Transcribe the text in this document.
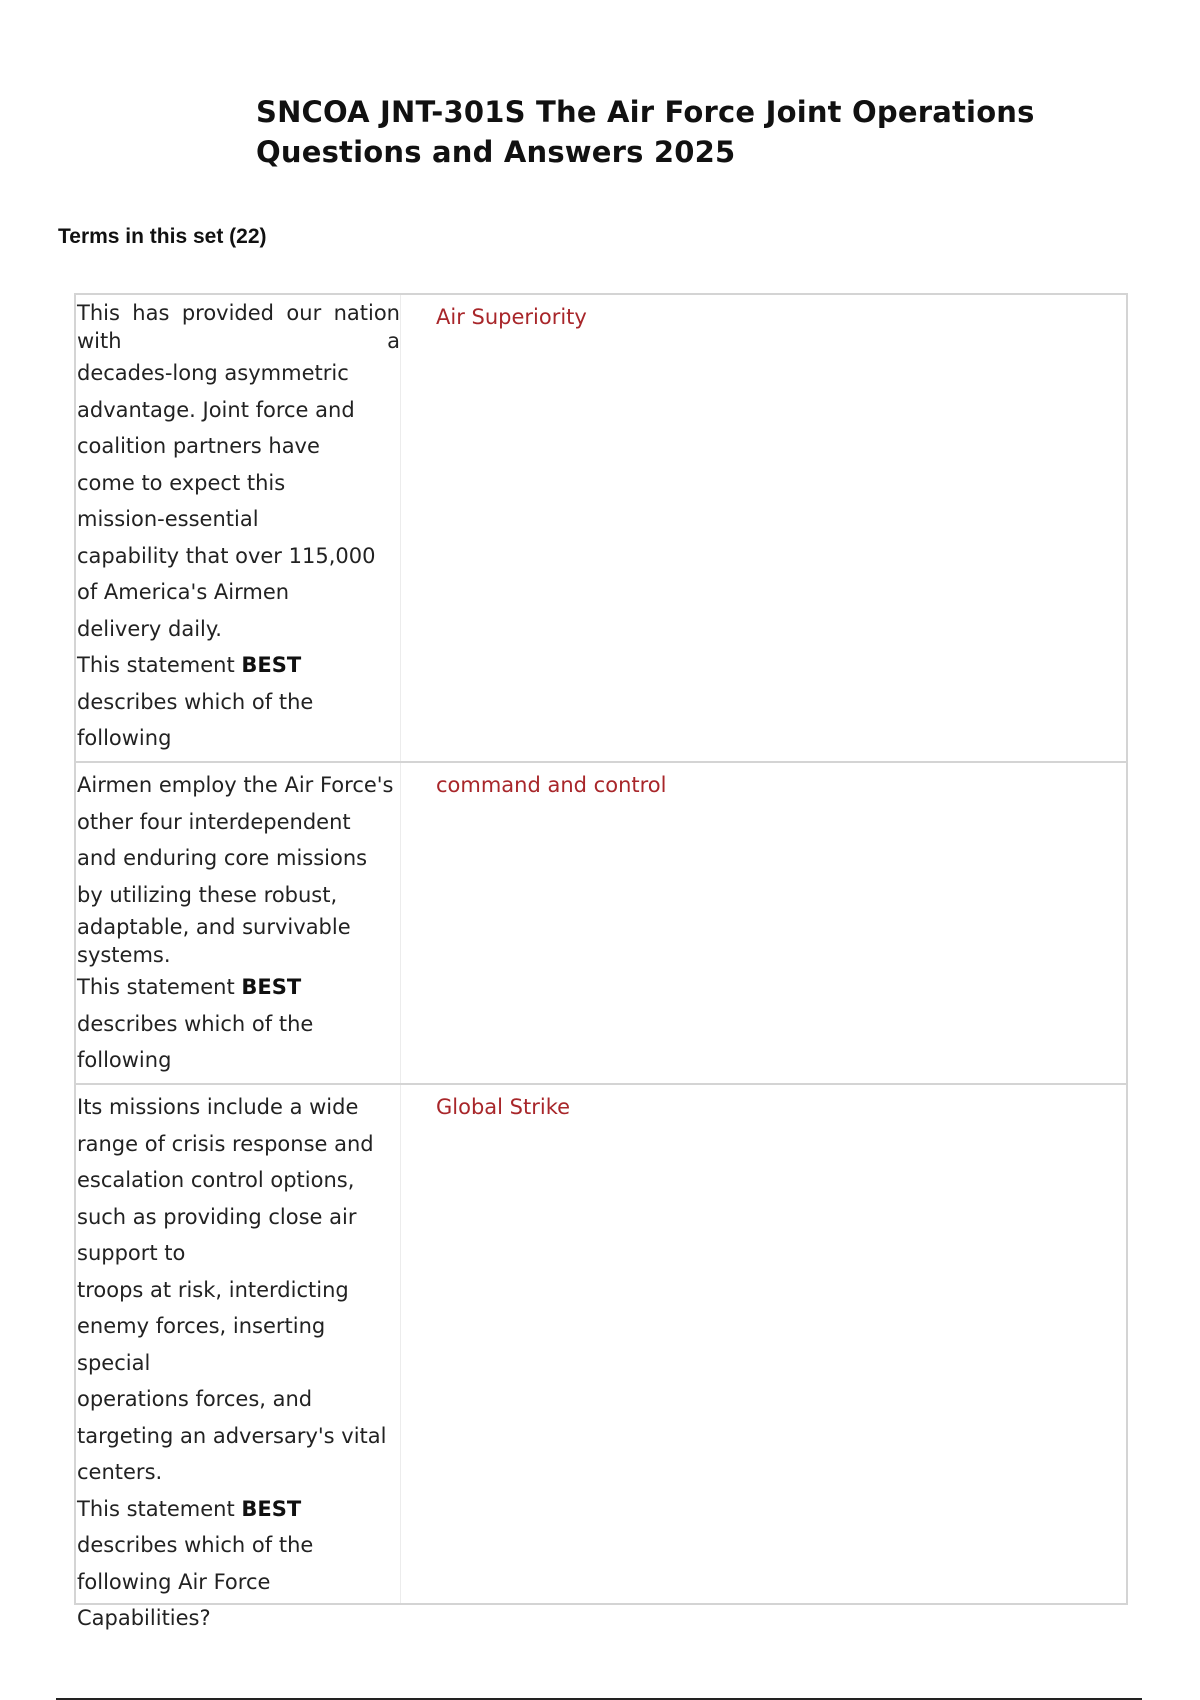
SNCOA JNT-301S The Air Force Joint Operations Questions and Answers 2025
Terms in this set (22)

This has provided our nation with a

decades-long asymmetric

advantage. Joint force and

coalition partners have

come to expect this

mission-essential

capability that over 115,000

of America's Airmen

delivery daily.

This statement BEST

describes which of the

following

Air Superiority

Airmen employ the Air Force's

other four interdependent

and enduring core missions

by utilizing these robust,

adaptable, and survivable systems.

This statement BEST

describes which of the

following

command and control

Its missions include a wide

range of crisis response and

escalation control options,

such as providing close air

support to

troops at risk, interdicting

enemy forces, inserting special

operations forces, and

targeting an adversary's vital

centers.

This statement BEST

describes which of the

following Air Force

Capabilities?

Global Strike
